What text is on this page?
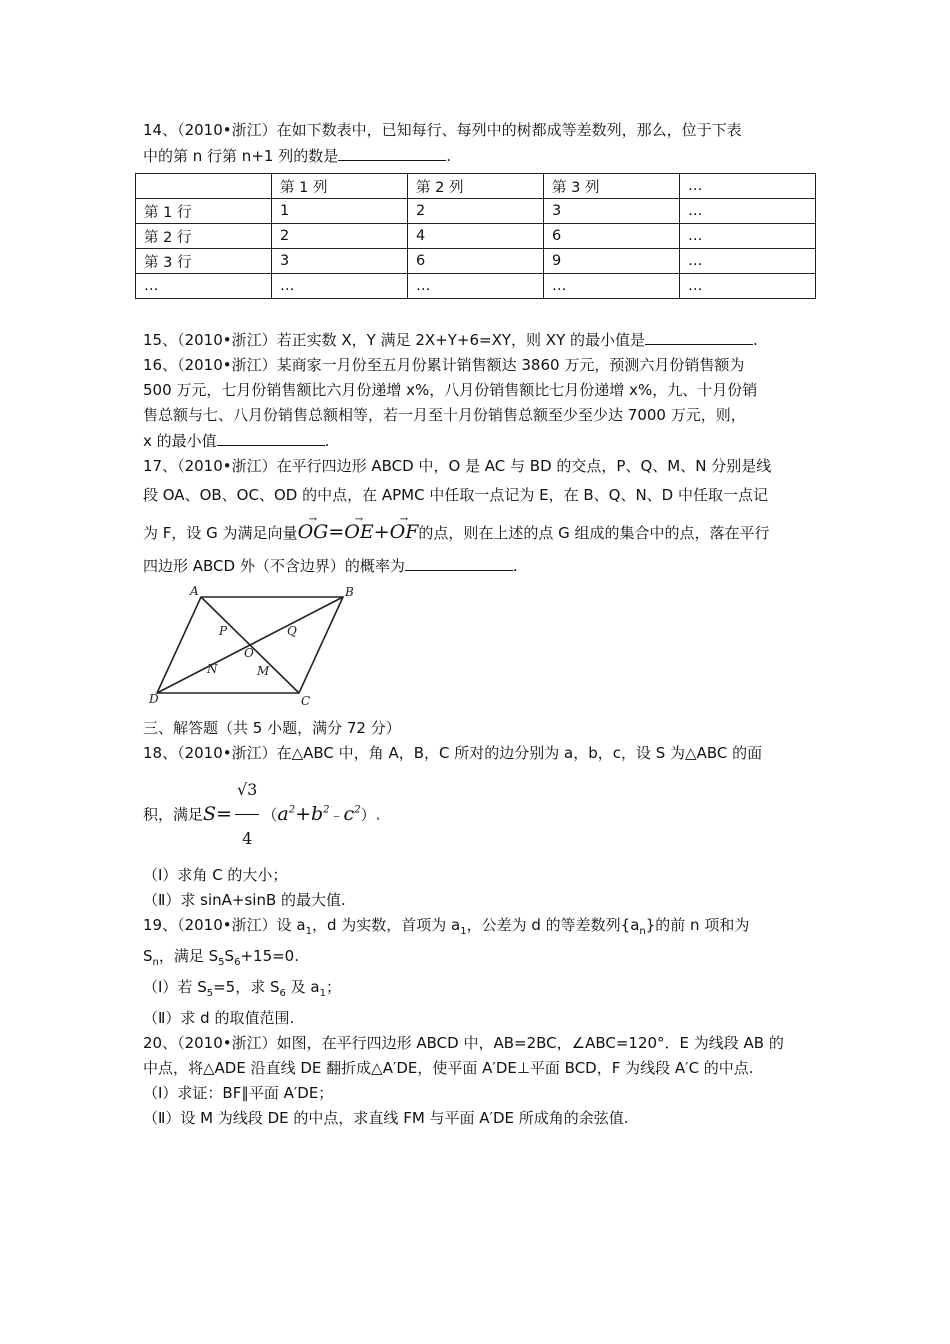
14、（2010•浙江）在如下数表中，已知每行、每列中的树都成等差数列，那么，位于下表
中的第 n 行第 n+1 列的数是	.
	第 1 列	第 2 列	第 3 列	…
第 1 行	1	2	3	…
第 2 行	2	4	6	…
第 3 行	3	6	9	…
…	…	…	…	…
15、（2010•浙江）若正实数 X，Y 满足 2X+Y+6=XY，则 XY 的最小值是	.
16、（2010•浙江）某商家一月份至五月份累计销售额达 3860 万元，预测六月份销售额为
500 万元，七月份销售额比六月份递增 x%，八月份销售额比七月份递增 x%，九、十月份销
售总额与七、八月份销售总额相等，若一月至十月份销售总额至少至少达 7000 万元，则，
x 的最小值	.
17、（2010•浙江）在平行四边形 ABCD 中，O 是 AC 与 BD 的交点，P、Q、M、N 分别是线
段 OA、OB、OC、OD 的中点，在 APMC 中任取一点记为 E，在 B、Q、N、D 中任取一点记
为 F，设 G 为满足向量→ OG=→ OE+→ OF的点，则在上述的点 G 组成的集合中的点，落在平行
四边形 ABCD 外（不含边界）的概率为	.
A	B
C
D
P	Q
M
N
O
三、解答题（共 5 小题，满分 72 分）
18、（2010•浙江）在△ABC 中，角 A，B，C 所对的边分别为 a，b，c，设 S 为△ABC 的面
积，满足$S= \frac{√3}{4}$ $(a^2+b^2﹣c^2)$.
（Ⅰ）求角 C 的大小；
（Ⅱ）求 sinA+sinB 的最大值.
19、（2010•浙江）设 $a_1$，d 为实数，首项为 $a_1$，公差为 d 的等差数列$\{a_n\}$的前 n 项和为
$S_n$，满足 $S_5S_6+15=0$.
（Ⅰ）若 $S_5=5$，求 $S_6$ 及 $a_1$；
（Ⅱ）求 d 的取值范围.
20、（2010•浙江）如图，在平行四边形 ABCD 中，AB=2BC，∠ABC=120°．E 为线段 AB 的
中点，将△ADE 沿直线 DE 翻折成△A′DE，使平面 A′DE⊥平面 BCD，F 为线段 A′C 的中点.
（Ⅰ）求证：BF∥平面 A′DE；
（Ⅱ）设 M 为线段 DE 的中点，求直线 FM 与平面 A′DE 所成角的余弦值.
